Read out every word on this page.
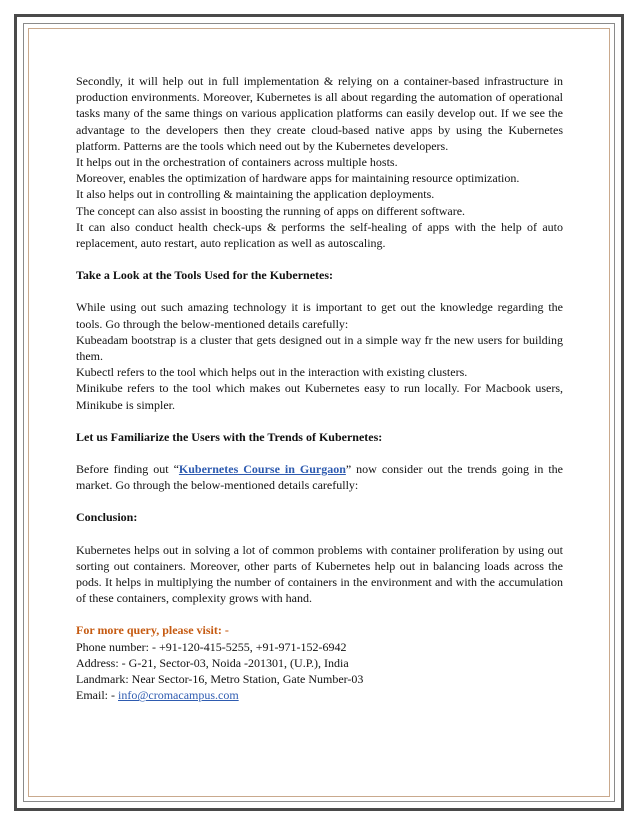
Secondly, it will help out in full implementation & relying on a container-based infrastructure in production environments. Moreover, Kubernetes is all about regarding the automation of operational tasks many of the same things on various application platforms can easily develop out. If we see the advantage to the developers then they create cloud-based native apps by using the Kubernetes platform. Patterns are the tools which need out by the Kubernetes developers.

It helps out in the orchestration of containers across multiple hosts.

Moreover, enables the optimization of hardware apps for maintaining resource optimization.

It also helps out in controlling & maintaining the application deployments.

The concept can also assist in boosting the running of apps on different software.

It can also conduct health check-ups & performs the self-healing of apps with the help of auto replacement, auto restart, auto replication as well as autoscaling.

Take a Look at the Tools Used for the Kubernetes:

While using out such amazing technology it is important to get out the knowledge regarding the tools. Go through the below-mentioned details carefully:

Kubeadam bootstrap is a cluster that gets designed out in a simple way fr the new users for building them.

Kubectl refers to the tool which helps out in the interaction with existing clusters.

Minikube refers to the tool which makes out Kubernetes easy to run locally. For Macbook users, Minikube is simpler.

Let us Familiarize the Users with the Trends of Kubernetes:

Before finding out “Kubernetes Course in Gurgaon” now consider out the trends going in the market. Go through the below-mentioned details carefully:

Conclusion:

Kubernetes helps out in solving a lot of common problems with container proliferation by using out sorting out containers. Moreover, other parts of Kubernetes help out in balancing loads across the pods. It helps in multiplying the number of containers in the environment and with the accumulation of these containers, complexity grows with hand.

For more query, please visit: -

Phone number: - +91-120-415-5255, +91-971-152-6942

Address: - G-21, Sector-03, Noida -201301, (U.P.), India

Landmark: Near Sector-16, Metro Station, Gate Number-03

Email: - info@cromacampus.com
